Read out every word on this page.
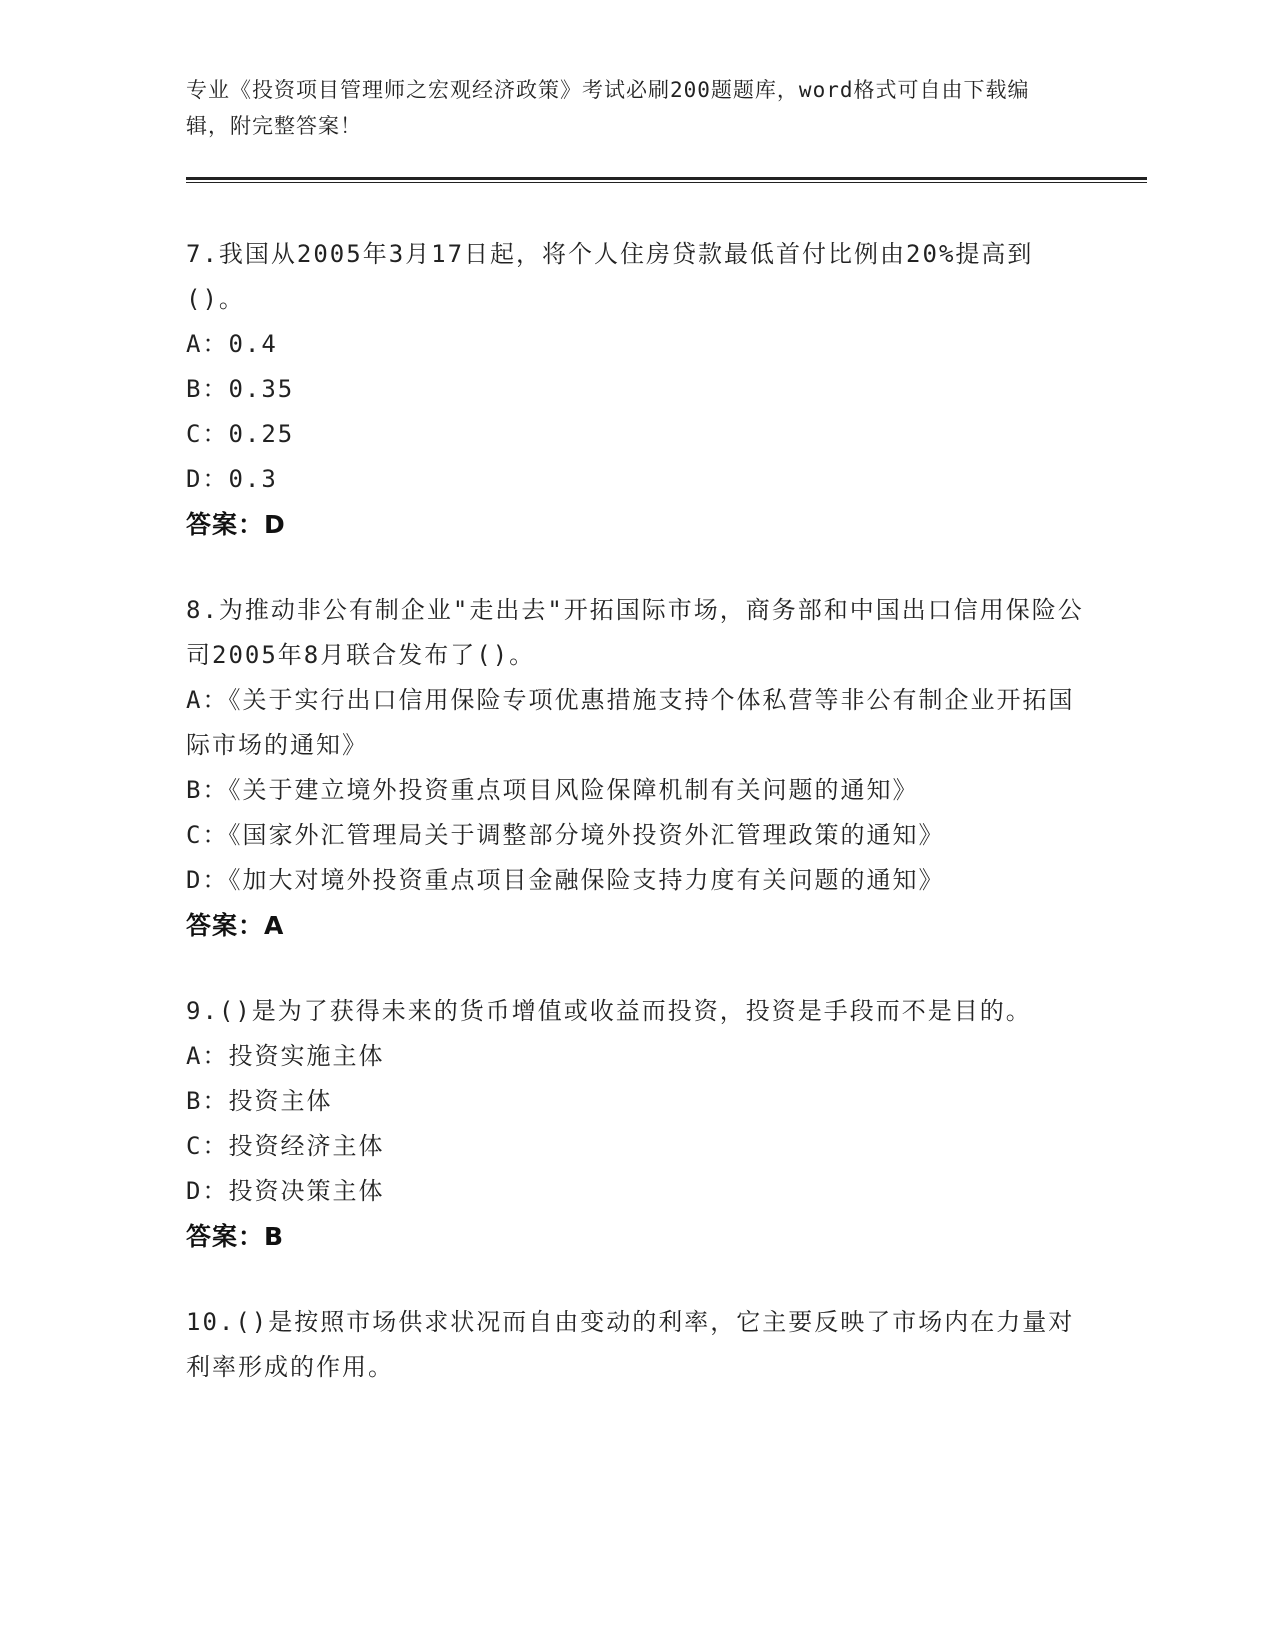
专业《投资项目管理师之宏观经济政策》考试必刷200题题库，word格式可自由下载编辑，附完整答案！
7.我国从2005年3月17日起，将个人住房贷款最低首付比例由20%提高到()。
A：0.4
B：0.35
C：0.25
D：0.3
答案：D
8.为推动非公有制企业"走出去"开拓国际市场，商务部和中国出口信用保险公司2005年8月联合发布了()。
A：《关于实行出口信用保险专项优惠措施支持个体私营等非公有制企业开拓国际市场的通知》
B：《关于建立境外投资重点项目风险保障机制有关问题的通知》
C：《国家外汇管理局关于调整部分境外投资外汇管理政策的通知》
D：《加大对境外投资重点项目金融保险支持力度有关问题的通知》
答案：A
9.()是为了获得未来的货币增值或收益而投资，投资是手段而不是目的。
A：投资实施主体
B：投资主体
C：投资经济主体
D：投资决策主体
答案：B
10.()是按照市场供求状况而自由变动的利率，它主要反映了市场内在力量对利率形成的作用。
